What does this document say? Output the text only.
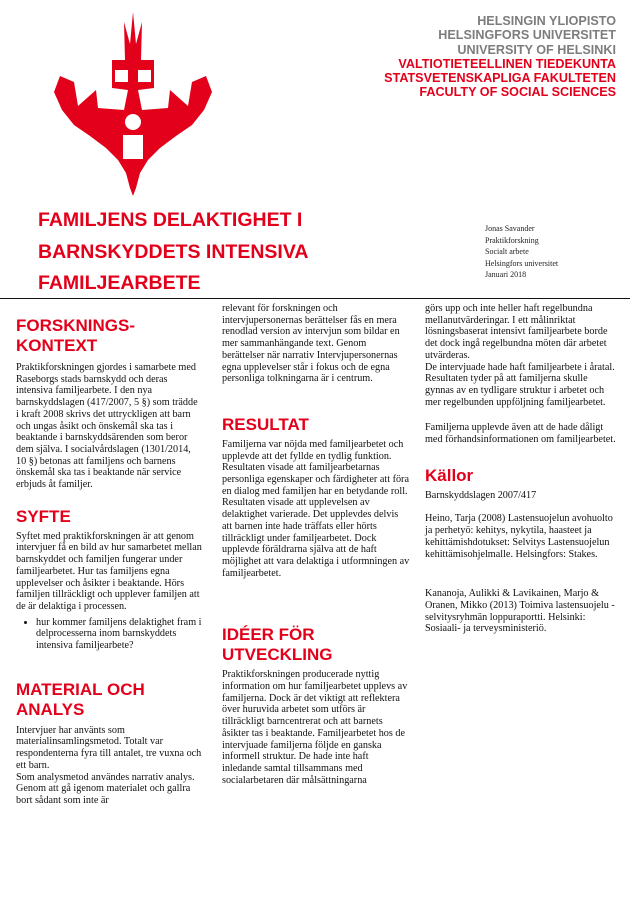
HELSINGIN YLIOPISTO
HELSINGFORS UNIVERSITET
UNIVERSITY OF HELSINKI
VALTIOTIETEELLINEN TIEDEKUNTA
STATSVETENSKAPLIGA FAKULTETEN
FACULTY OF SOCIAL SCIENCES
FAMILJENS DELAKTIGHET I
BARNSKYDDETS INTENSIVA
FAMILJEARBETE
Jonas Savander
Praktikforskning
Socialt arbete
Helsingfors universitet
Januari 2018
FORSKNINGS-
KONTEXT

Praktikforskningen gjordes i samarbete med Raseborgs stads barnskydd och deras intensiva familjearbete. I den nya barnskyddslagen (417/2007, 5 §) som trädde i kraft 2008 skrivs det uttryckligen att barn och ungas åsikt och önskemål ska tas i beaktande i barnskyddsärenden som beror dem själva. I socialvårdslagen (1301/2014, 10 §) betonas att familjens och barnens önskemål ska tas i beaktande när service erbjuds åt familjer.

SYFTE

Syftet med praktikforskningen är att genom intervjuer få en bild av hur samarbetet mellan barnskyddet och familjen fungerar under familjearbetet. Hur tas familjens egna upplevelser och åsikter i beaktande. Hörs familjen tillräckligt och upplever familjen att de är delaktiga i processen.

• hur kommer familjens delaktighet fram i delprocesserna inom barnskyddets intensiva familjearbete?
MATERIAL OCH
ANALYS

Intervjuer har använts som materialinsamlingsmetod. Totalt var respondenterna fyra till antalet, tre vuxna och ett barn.

Som analysmetod användes narrativ analys. Genom att gå igenom materialet och gallra bort sådant som inte är

relevant för forskningen och intervjupersonernas berättelser fås en mera renodlad version av intervjun som bildar en mer sammanhängande text. Genom berättelser när narrativ Intervjupersonernas egna upplevelser står i fokus och de egna personliga tolkningarna är i centrum.

RESULTAT

Familjerna var nöjda med familjearbetet och upplevde att det fyllde en tydlig funktion. Resultaten visade att familjearbetarnas personliga egenskaper och färdigheter att föra en dialog med familjen har en betydande roll.

Resultaten visade att upplevelsen av delaktighet varierade. Det upplevdes delvis att barnen inte hade träffats eller hörts tillräckligt under familjearbetet. Dock upplevde föräldrarna själva att de haft möjlighet att vara delaktiga i utformningen av familjearbetet.

IDÉER FÖR
UTVECKLING

Praktikforskningen producerade nyttig information om hur familjearbetet upplevs av familjerna. Dock är det viktigt att reflektera över huruvida arbetet som utförs är tillräckligt barncentrerat och att barnets åsikter tas i beaktande. Familjearbetet hos de intervjuade familjerna följde en ganska informell struktur. De hade inte haft inledande samtal tillsammans med socialarbetaren där målsättningarna

görs upp och inte heller haft regelbundna mellanutvärderingar. I ett målinriktat lösningsbaserat intensivt familjearbete borde det dock ingå regelbundna möten där arbetet utvärderas.

De intervjuade hade haft familjearbete i åratal. Resultaten tyder på att familjerna skulle gynnas av en tydligare struktur i arbetet och mer regelbunden uppföljning familjearbetet.

Familjerna upplevde även att de hade dåligt med förhandsinformationen om familjearbetet.

Källor

Barnskyddslagen 2007/417

Heino, Tarja (2008) Lastensuojelun avohuolto ja perhetyö: kehitys, nykytila, haasteet ja kehittämishdotukset: Selvitys Lastensuojelun kehittämisohjelmalle. Helsingfors: Stakes.

Kananoja, Aulikki & Lavikainen, Marjo & Oranen, Mikko (2013) Toimiva lastensuojelu - selvitysryhmän loppuraportti. Helsinki: Sosiaali- ja terveysministeriö.
